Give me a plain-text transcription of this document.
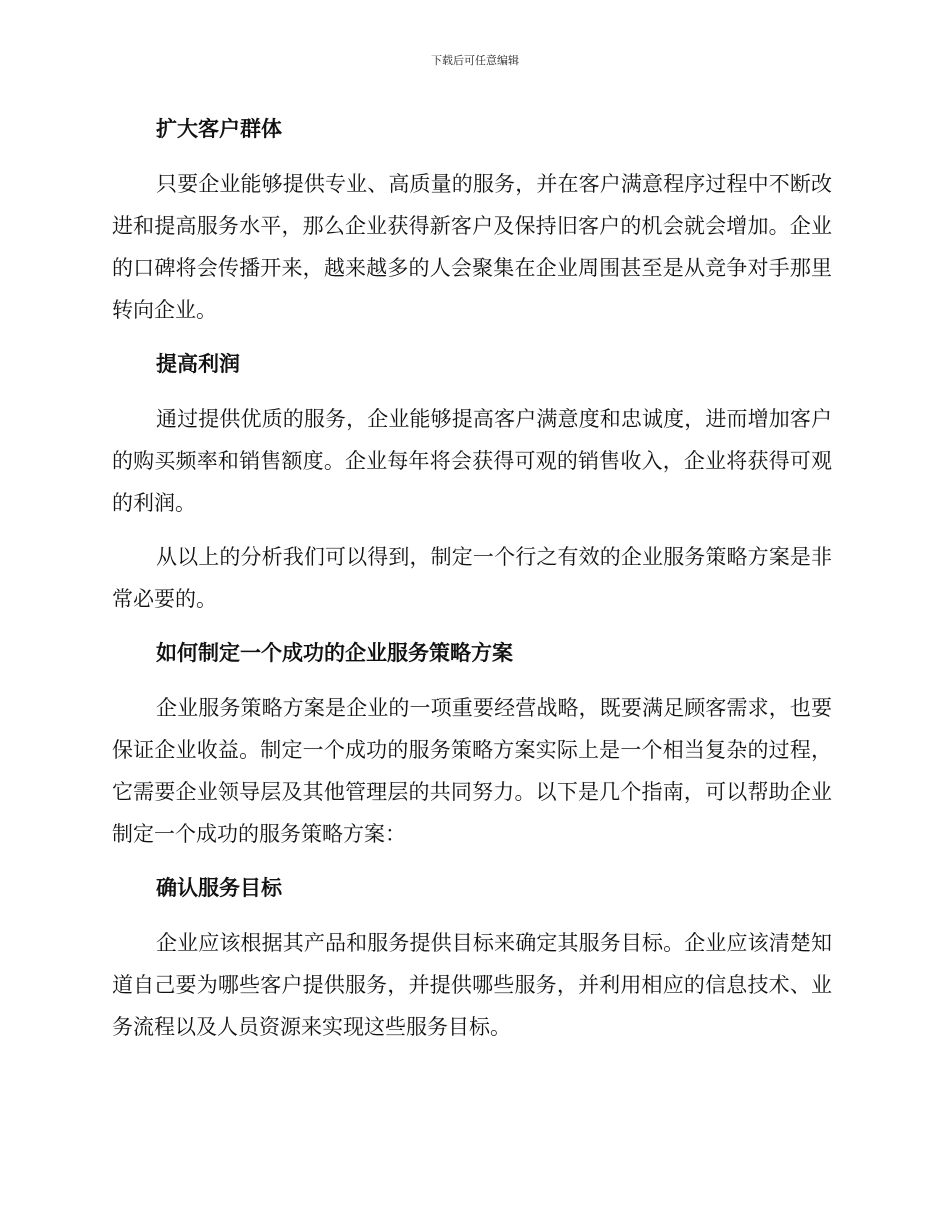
下载后可任意编辑
扩大客户群体

只要企业能够提供专业、高质量的服务，并在客户满意程序过程中不断改进和提高服务水平，那么企业获得新客户及保持旧客户的机会就会增加。企业的口碑将会传播开来，越来越多的人会聚集在企业周围甚至是从竞争对手那里转向企业。

提高利润

通过提供优质的服务，企业能够提高客户满意度和忠诚度，进而增加客户的购买频率和销售额度。企业每年将会获得可观的销售收入，企业将获得可观的利润。

从以上的分析我们可以得到，制定一个行之有效的企业服务策略方案是非常必要的。

如何制定一个成功的企业服务策略方案

企业服务策略方案是企业的一项重要经营战略，既要满足顾客需求，也要保证企业收益。制定一个成功的服务策略方案实际上是一个相当复杂的过程，它需要企业领导层及其他管理层的共同努力。以下是几个指南，可以帮助企业制定一个成功的服务策略方案：

确认服务目标

企业应该根据其产品和服务提供目标来确定其服务目标。企业应该清楚知道自己要为哪些客户提供服务，并提供哪些服务，并利用相应的信息技术、业务流程以及人员资源来实现这些服务目标。
